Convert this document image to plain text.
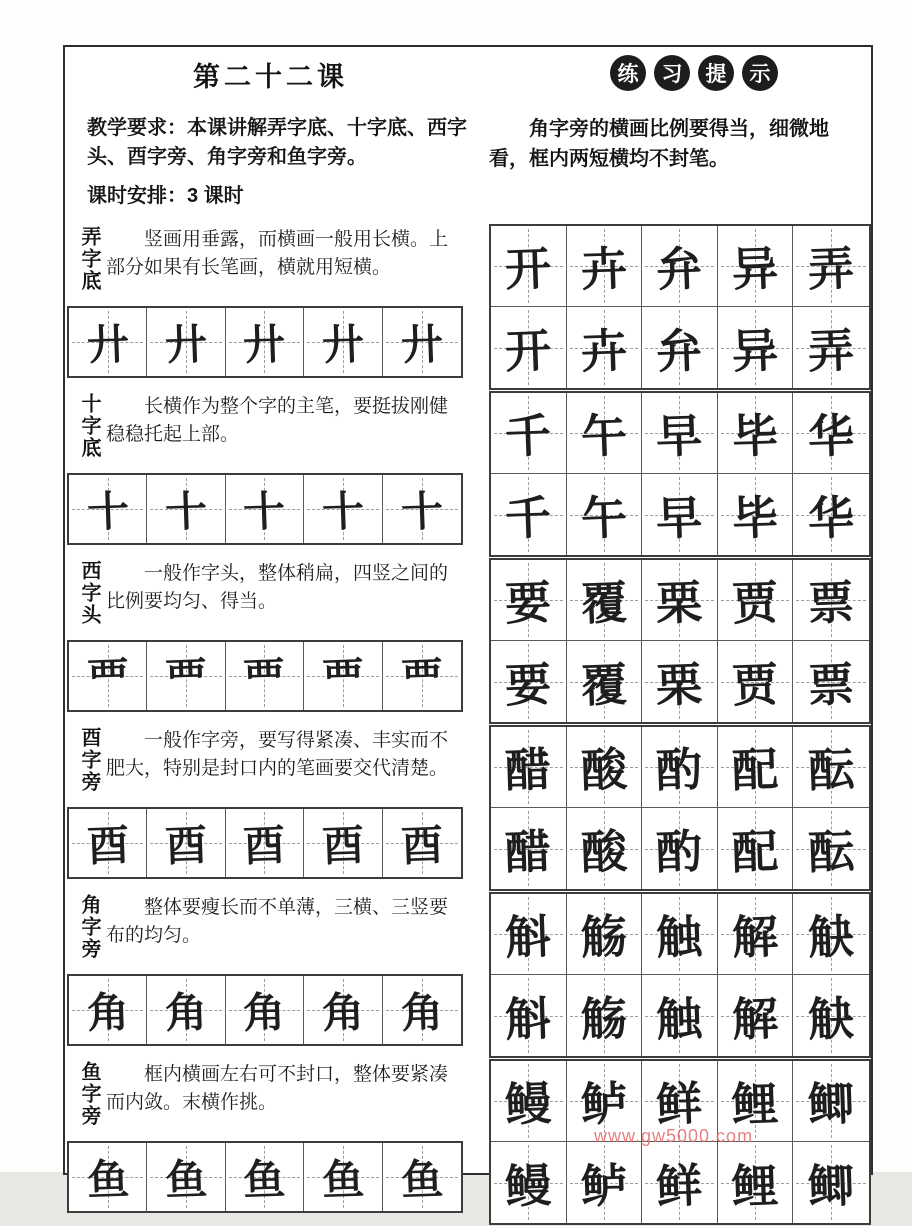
第二十二课	练	习	提	示

教学要求：本课讲解弄字底、十字底、西字头、酉字旁、角字旁和鱼字旁。

角字旁的横画比例要得当，细微地看，框内两短横均不封笔。

课时安排：3 课时
弄字底	竖画用垂露，而横画一般用长横。上部分如果有长笔画，横就用短横。

廾 廾 廾 廾 廾
开 卉 弁 异 弄
开 卉 弁 异 弄
十字底	长横作为整个字的主笔，要挺拔刚健稳稳托起上部。

十 十 十 十 十
千 午 早 毕 华
千 午 早 毕 华
西字头	一般作字头，整体稍扁，四竖之间的比例要均匀、得当。

覀 覀 覀 覀 覀
要 覆 栗 贾 票
要 覆 栗 贾 票
酉字旁	一般作字旁，要写得紧凑、丰实而不肥大，特别是封口内的笔画要交代清楚。

酉 酉 酉 酉 酉
醋 酸 酌 配 酝
醋 酸 酌 配 酝
角字旁	整体要瘦长而不单薄，三横、三竖要布的均匀。

角 角 角 角 角
斛 觞 触 解 觖
斛 觞 触 解 觖
鱼字旁	框内横画左右可不封口，整体要紧凑而内敛。末横作挑。

鱼 鱼 鱼 鱼 鱼
鳗 鲈 鲜 鲤 鲫
鳗 鲈 鲜 鲤 鲫
www.gw5000.com
